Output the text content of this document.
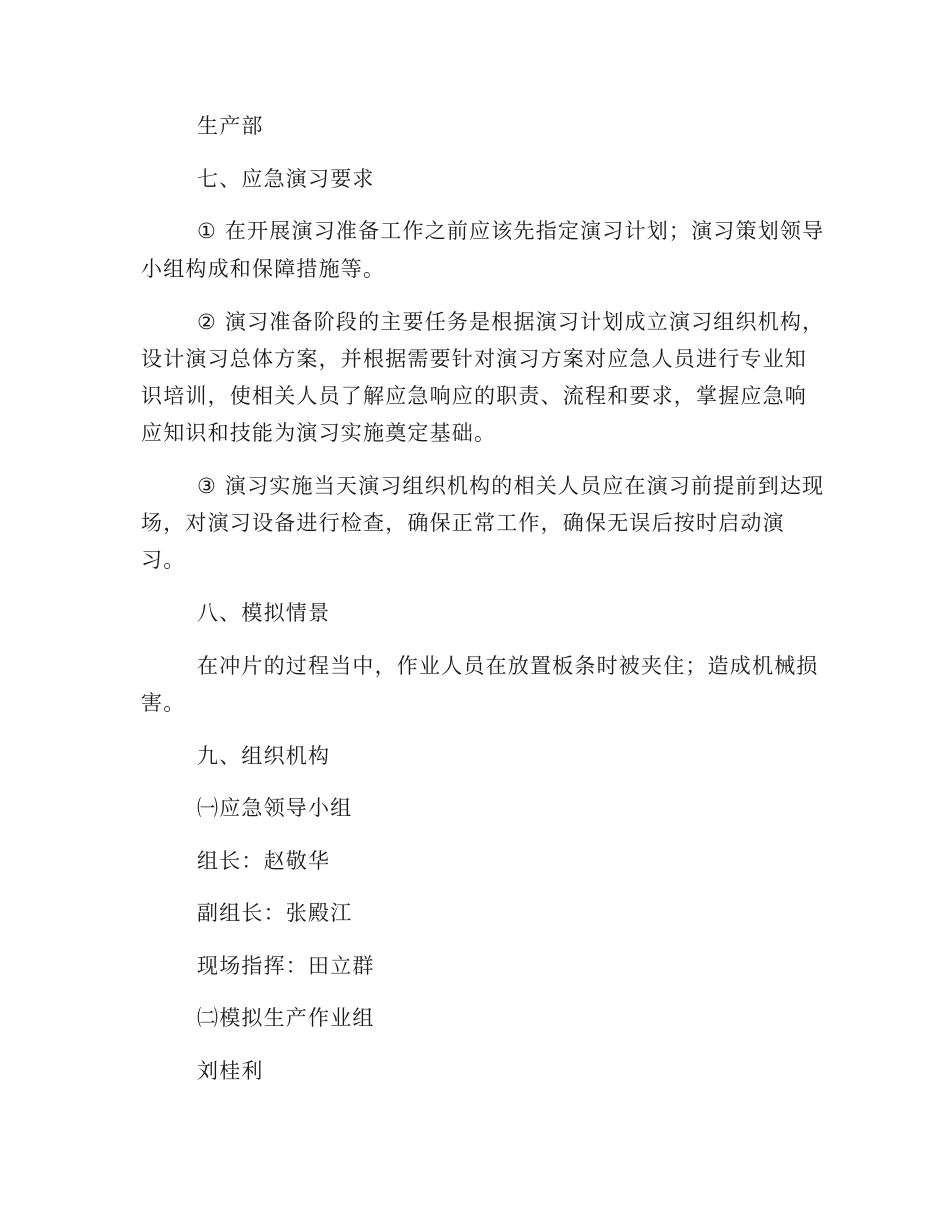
生产部
七、应急演习要求
① 在开展演习准备工作之前应该先指定演习计划；演习策划领导
小组构成和保障措施等。
② 演习准备阶段的主要任务是根据演习计划成立演习组织机构，
设计演习总体方案，并根据需要针对演习方案对应急人员进行专业知
识培训，使相关人员了解应急响应的职责、流程和要求，掌握应急响
应知识和技能为演习实施奠定基础。
③ 演习实施当天演习组织机构的相关人员应在演习前提前到达现
场，对演习设备进行检查，确保正常工作，确保无误后按时启动演
习。
八、模拟情景
在冲片的过程当中，作业人员在放置板条时被夹住；造成机械损
害。
九、组织机构
㈠应急领导小组
组长：赵敬华
副组长：张殿江
现场指挥：田立群
㈡模拟生产作业组
刘桂利
